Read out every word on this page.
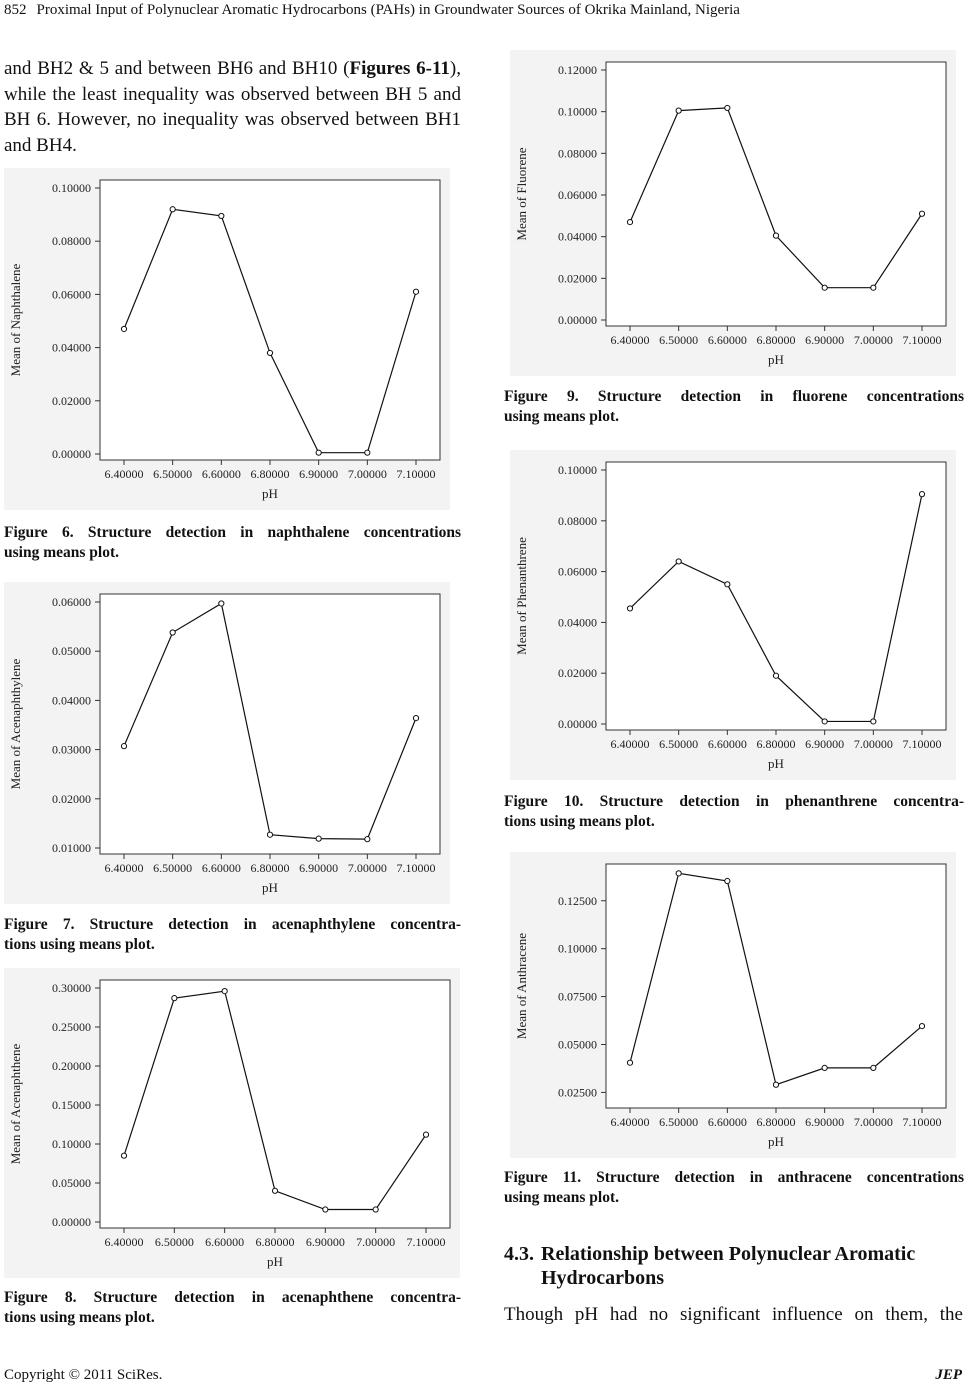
852 Proximal Input of Polynuclear Aromatic Hydrocarbons (PAHs) in Groundwater Sources of Okrika Mainland, Nigeria

and BH2 & 5 and between BH6 and BH10 (Figures 6-11), while the least inequality was observed between BH 5 and BH 6. However, no inequality was observed between BH1 and BH4.

0.00000
0.02000
0.04000
0.06000
0.08000
0.10000
6.40000 6.50000 6.60000 6.80000 6.90000 7.00000 7.10000
pH
Mean of Naphthalene

Figure 6. Structure detection in naphthalene concentrations
using means plot.

0.01000
0.02000
0.03000
0.04000
0.05000
0.06000
6.40000 6.50000 6.60000 6.80000 6.90000 7.00000 7.10000
pH
Mean of Acenaphthylene

Figure 7. Structure detection in acenaphthylene concentra-
tions using means plot.

0.00000
0.05000
0.10000
0.15000
0.20000
0.25000
0.30000
6.40000 6.50000 6.60000 6.80000 6.90000 7.00000 7.10000
pH
Mean of Acenaphthene

Figure 8. Structure detection in acenaphthene concentra-
tions using means plot.

0.00000
0.02000
0.04000
0.06000
0.08000
0.10000
0.12000
6.40000 6.50000 6.60000 6.80000 6.90000 7.00000 7.10000
pH
Mean of Fluorene

Figure 9. Structure detection in fluorene concentrations
using means plot.

0.00000
0.02000
0.04000
0.06000
0.08000
0.10000
6.40000 6.50000 6.60000 6.80000 6.90000 7.00000 7.10000
pH
Mean of Phenanthrene

Figure 10. Structure detection in phenanthrene concentra-
tions using means plot.

0.02500
0.05000
0.07500
0.10000
0.12500
6.40000 6.50000 6.60000 6.80000 6.90000 7.00000 7.10000
pH
Mean of Anthracene

Figure 11. Structure detection in anthracene concentrations
using means plot.

4.3. Relationship between Polynuclear Aromatic
Hydrocarbons

Though pH had no significant influence on them, the

Copyright © 2011 SciRes.	JEP
